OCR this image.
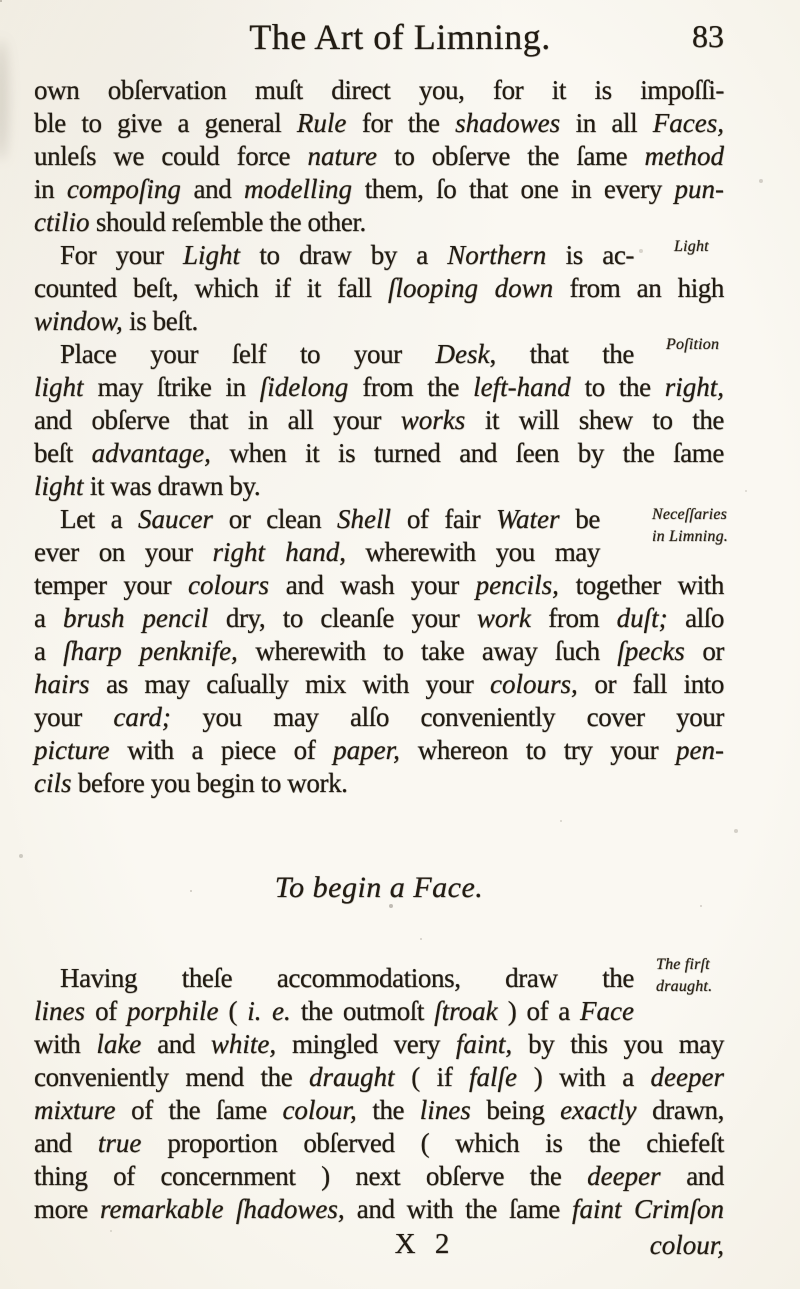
The Art of Limning.	83
own obſervation muſt direct you, for it is impoſſi-
ble to give a general Rule for the shadowes in all Faces,
unleſs we could force nature to obſerve the ſame method
in compoſing and modelling them, ſo that one in every pun-
ctilio should reſemble the other.
For your Light to draw by a Northern is ac-
counted beſt, which if it fall ſlooping down from an high
window, is beſt.
Place your ſelf to your Desk, that the
light may ſtrike in ſidelong from the left-hand to the right,
and obſerve that in all your works it will shew to the
beſt advantage, when it is turned and ſeen by the ſame
light it was drawn by.
Let a Saucer or clean Shell of fair Water be
ever on your right hand, wherewith you may
temper your colours and wash your pencils, together with
a brush pencil dry, to cleanſe your work from duſt; alſo
a ſharp penknife, wherewith to take away ſuch ſpecks or
hairs as may caſually mix with your colours, or fall into
your card; you may alſo conveniently cover your
picture with a piece of paper, whereon to try your pen-
cils before you begin to work.
To begin a Face.
Having theſe accommodations, draw the
lines of porphile ( i. e. the outmoſt ſtroak ) of a Face
with lake and white, mingled very faint, by this you may
conveniently mend the draught ( if falſe ) with a deeper
mixture of the ſame colour, the lines being exactly drawn,
and true proportion obſerved ( which is the chiefeſt
thing of concernment ) next obſerve the deeper and
more remarkable ſhadowes, and with the ſame faint Crimſon
Light
Poſition
Neceſſaries
in Limning.
The firſt
draught.
X 2	colour,
